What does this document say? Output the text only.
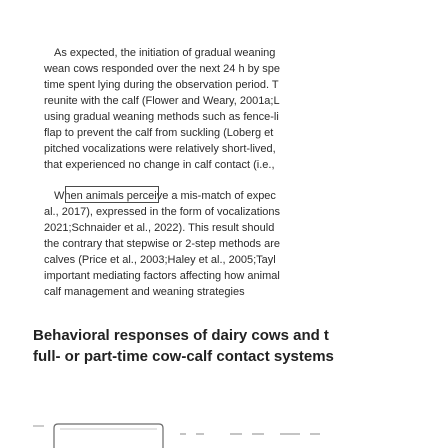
As expected, the initiation of gradual weaning
wean cows responded over the next 24 h by spe
time spent lying during the observation period. T
reunite with the calf (Flower and Weary, 2001a;L
using gradual weaning methods such as fence-li
flap to prevent the calf from suckling (Loberg et
pitched vocalizations were relatively short-lived,
that experienced no change in calf contact (i.e.,
When animals perceive a mis-match of expec
al., 2017), expressed in the form of vocalizations
2021;Schnaider et al., 2022). This result should
the contrary that stepwise or 2-step methods are
calves (Price et al., 2003;Haley et al., 2005;Tayl
important mediating factors affecting how animal
calf management and weaning strategies
Behavioral responses of dairy cows and t
full- or part-time cow-calf contact systems
